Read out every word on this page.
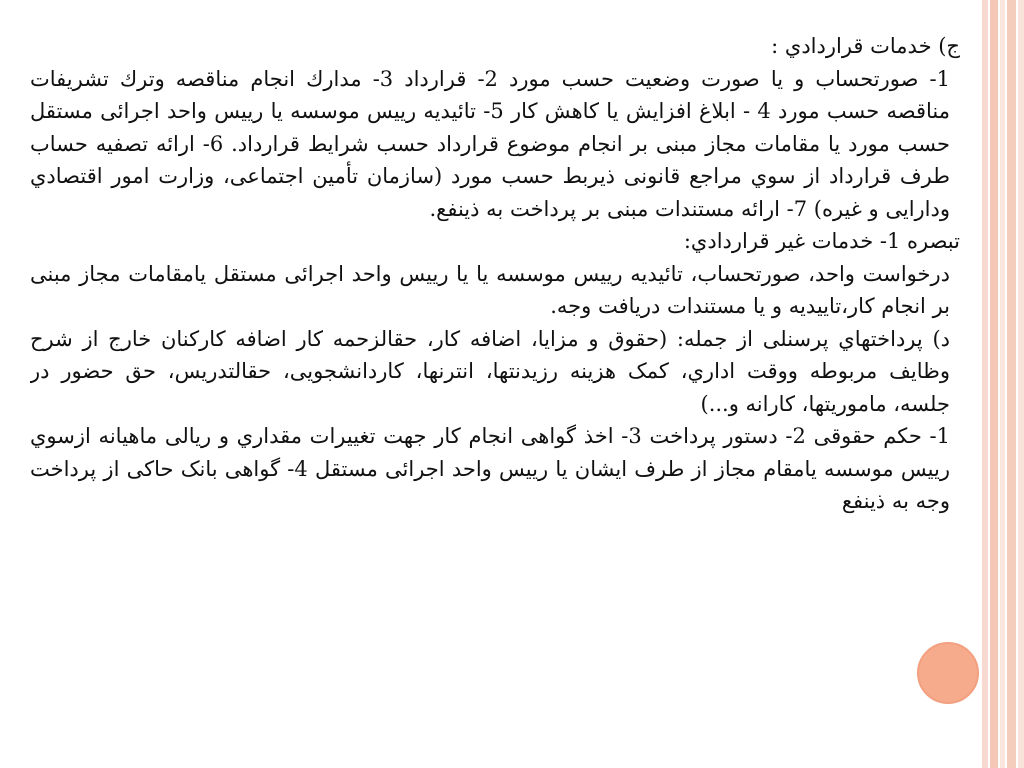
ج) خدمات قراردادي :

1- صورتحساب و يا صورت وضعيت حسب مورد 2- قرارداد 3- مدارك انجام مناقصه وترك تشريفات مناقصه حسب مورد 4 - ابلاغ افزايش يا كاهش كار 5- تائيديه رييس موسسه يا رييس واحد اجرائی مستقل حسب مورد يا مقامات مجاز مبنی بر انجام موضوع قرارداد حسب شرايط قرارداد. 6- ارائه تصفيه حساب طرف قرارداد از سوي مراجع قانونی ذيربط حسب مورد (سازمان تأمين اجتماعی، وزارت امور اقتصادي ودارايی و غيره) 7- ارائه مستندات مبنی بر پرداخت به ذينفع.

تبصره 1- خدمات غير قراردادي:

درخواست واحد، صورتحساب، تائيديه رييس موسسه يا يا رييس واحد اجرائی مستقل يامقامات مجاز مبنی بر انجام كار،تاييديه و يا مستندات دريافت وجه.

د) پرداختهاي پرسنلی از جمله: (حقوق و مزايا، اضافه كار، حقالزحمه كار اضافه كاركنان خارج از شرح وظايف مربوطه ووقت اداري، كمک هزينه رزيدنتها، انترنها، كاردانشجويی، حقالتدريس، حق حضور در جلسه، ماموريتها، كارانه و...)

1- حكم حقوقی 2- دستور پرداخت 3- اخذ گواهی انجام كار جهت تغييرات مقداري و ريالی ماهيانه ازسوي رييس موسسه يامقام مجاز از طرف ايشان يا رييس واحد اجرائی مستقل 4- گواهی بانک حاكی از پرداخت وجه به ذينفع
